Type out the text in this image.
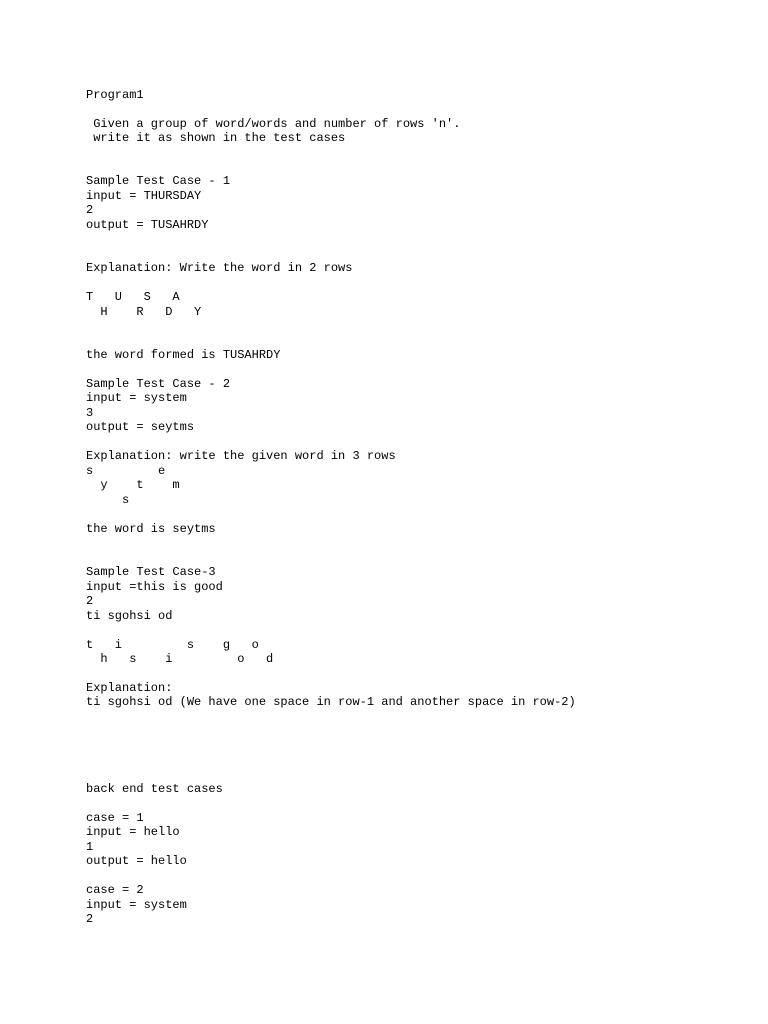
Program1

Given a group of word/words and number of rows 'n'.

write it as shown in the test cases

Sample Test Case - 1

input = THURSDAY

2

output = TUSAHRDY

Explanation: Write the word in 2 rows

T   U   S   A

H    R   D   Y

the word formed is TUSAHRDY

Sample Test Case - 2

input = system

3

output = seytms

Explanation: write the given word in 3 rows

s         e

y    t    m

s

the word is seytms

Sample Test Case-3

input =this is good

2

ti sgohsi od

t   i         s    g   o

h   s    i         o   d

Explanation:

ti sgohsi od (We have one space in row-1 and another space in row-2)

back end test cases

case = 1

input = hello

1

output = hello

case = 2

input = system

2
